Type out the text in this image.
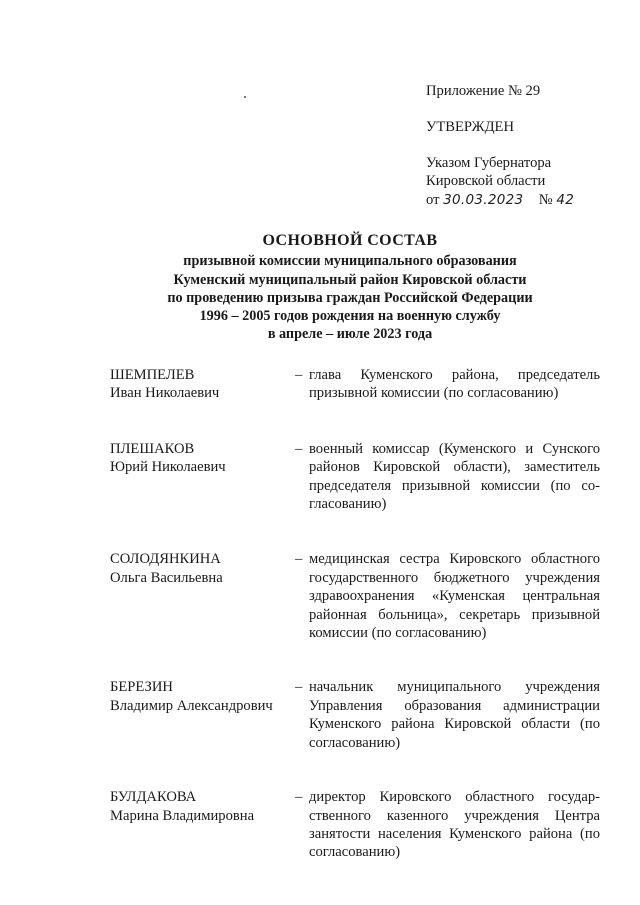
Приложение № 29
УТВЕРЖДЕН
Указом Губернатора
Кировской области
от 30.03.2023 № 42
ОСНОВНОЙ СОСТАВ
призывной комиссии муниципального образования
Куменский муниципальный район Кировской области
по проведению призыва граждан Российской Федерации
1996 – 2005 годов рождения на военную службу
в апреле – июле 2023 года
ШЕМПЕЛЕВ
Иван Николаевич
– глава Куменского района, председатель призывной комиссии (по согласованию)
ПЛЕШАКОВ
Юрий Николаевич
– военный комиссар (Куменского и Сунского районов Кировской области), заместитель председателя призывной комиссии (по согласованию)
СОЛОДЯНКИНА
Ольга Васильевна
– медицинская сестра Кировского областного государственного бюджетного учреждения здравоохранения «Куменская центральная районная больница», секретарь призывной комиссии (по согласованию)
БЕРЕЗИН
Владимир Александрович
– начальник муниципального учреждения Управления образования администрации Куменского района Кировской области (по согласованию)
БУЛДАКОВА
Марина Владимировна
– директор Кировского областного государственного казенного учреждения Центра занятости населения Куменского района (по согласованию)
